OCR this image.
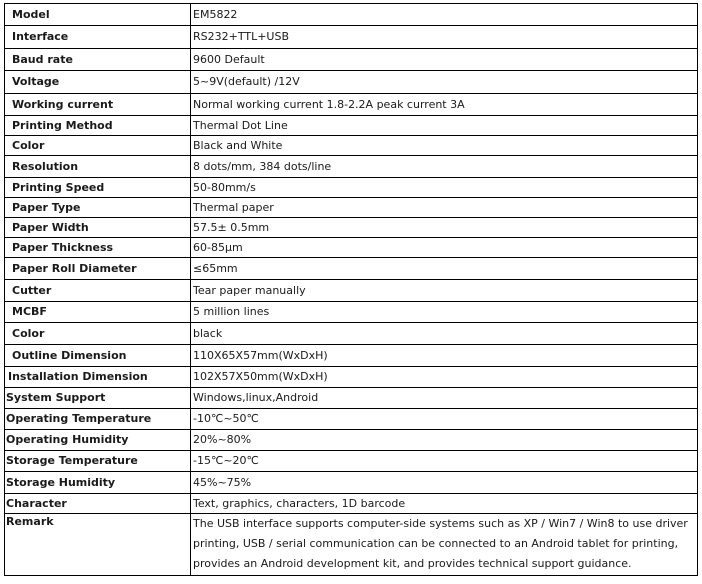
Model	EM5822
Interface	RS232+TTL+USB
Baud rate	9600 Default
Voltage	5~9V(default) /12V
Working current	Normal working current 1.8-2.2A peak current 3A
Printing Method	Thermal Dot Line
Color	Black and White
Resolution	8 dots/mm, 384 dots/line
Printing Speed	50-80mm/s
Paper Type	Thermal paper
Paper Width	57.5± 0.5mm
Paper Thickness	60-85μm
Paper Roll Diameter	≤65mm
Cutter	Tear paper manually
MCBF	5 million lines
Color	black
Outline Dimension	110X65X57mm(WxDxH)
Installation Dimension	102X57X50mm(WxDxH)
System Support	Windows,linux,Android
Operating Temperature	-10℃~50℃
Operating Humidity	20%~80%
Storage Temperature	-15℃~20℃
Storage Humidity	45%~75%
Character	Text, graphics, characters, 1D barcode
Remark	The USB interface supports computer-side systems such as XP / Win7 / Win8 to use driver printing, USB / serial communication can be connected to an Android tablet for printing, provides an Android development kit, and provides technical support guidance.
